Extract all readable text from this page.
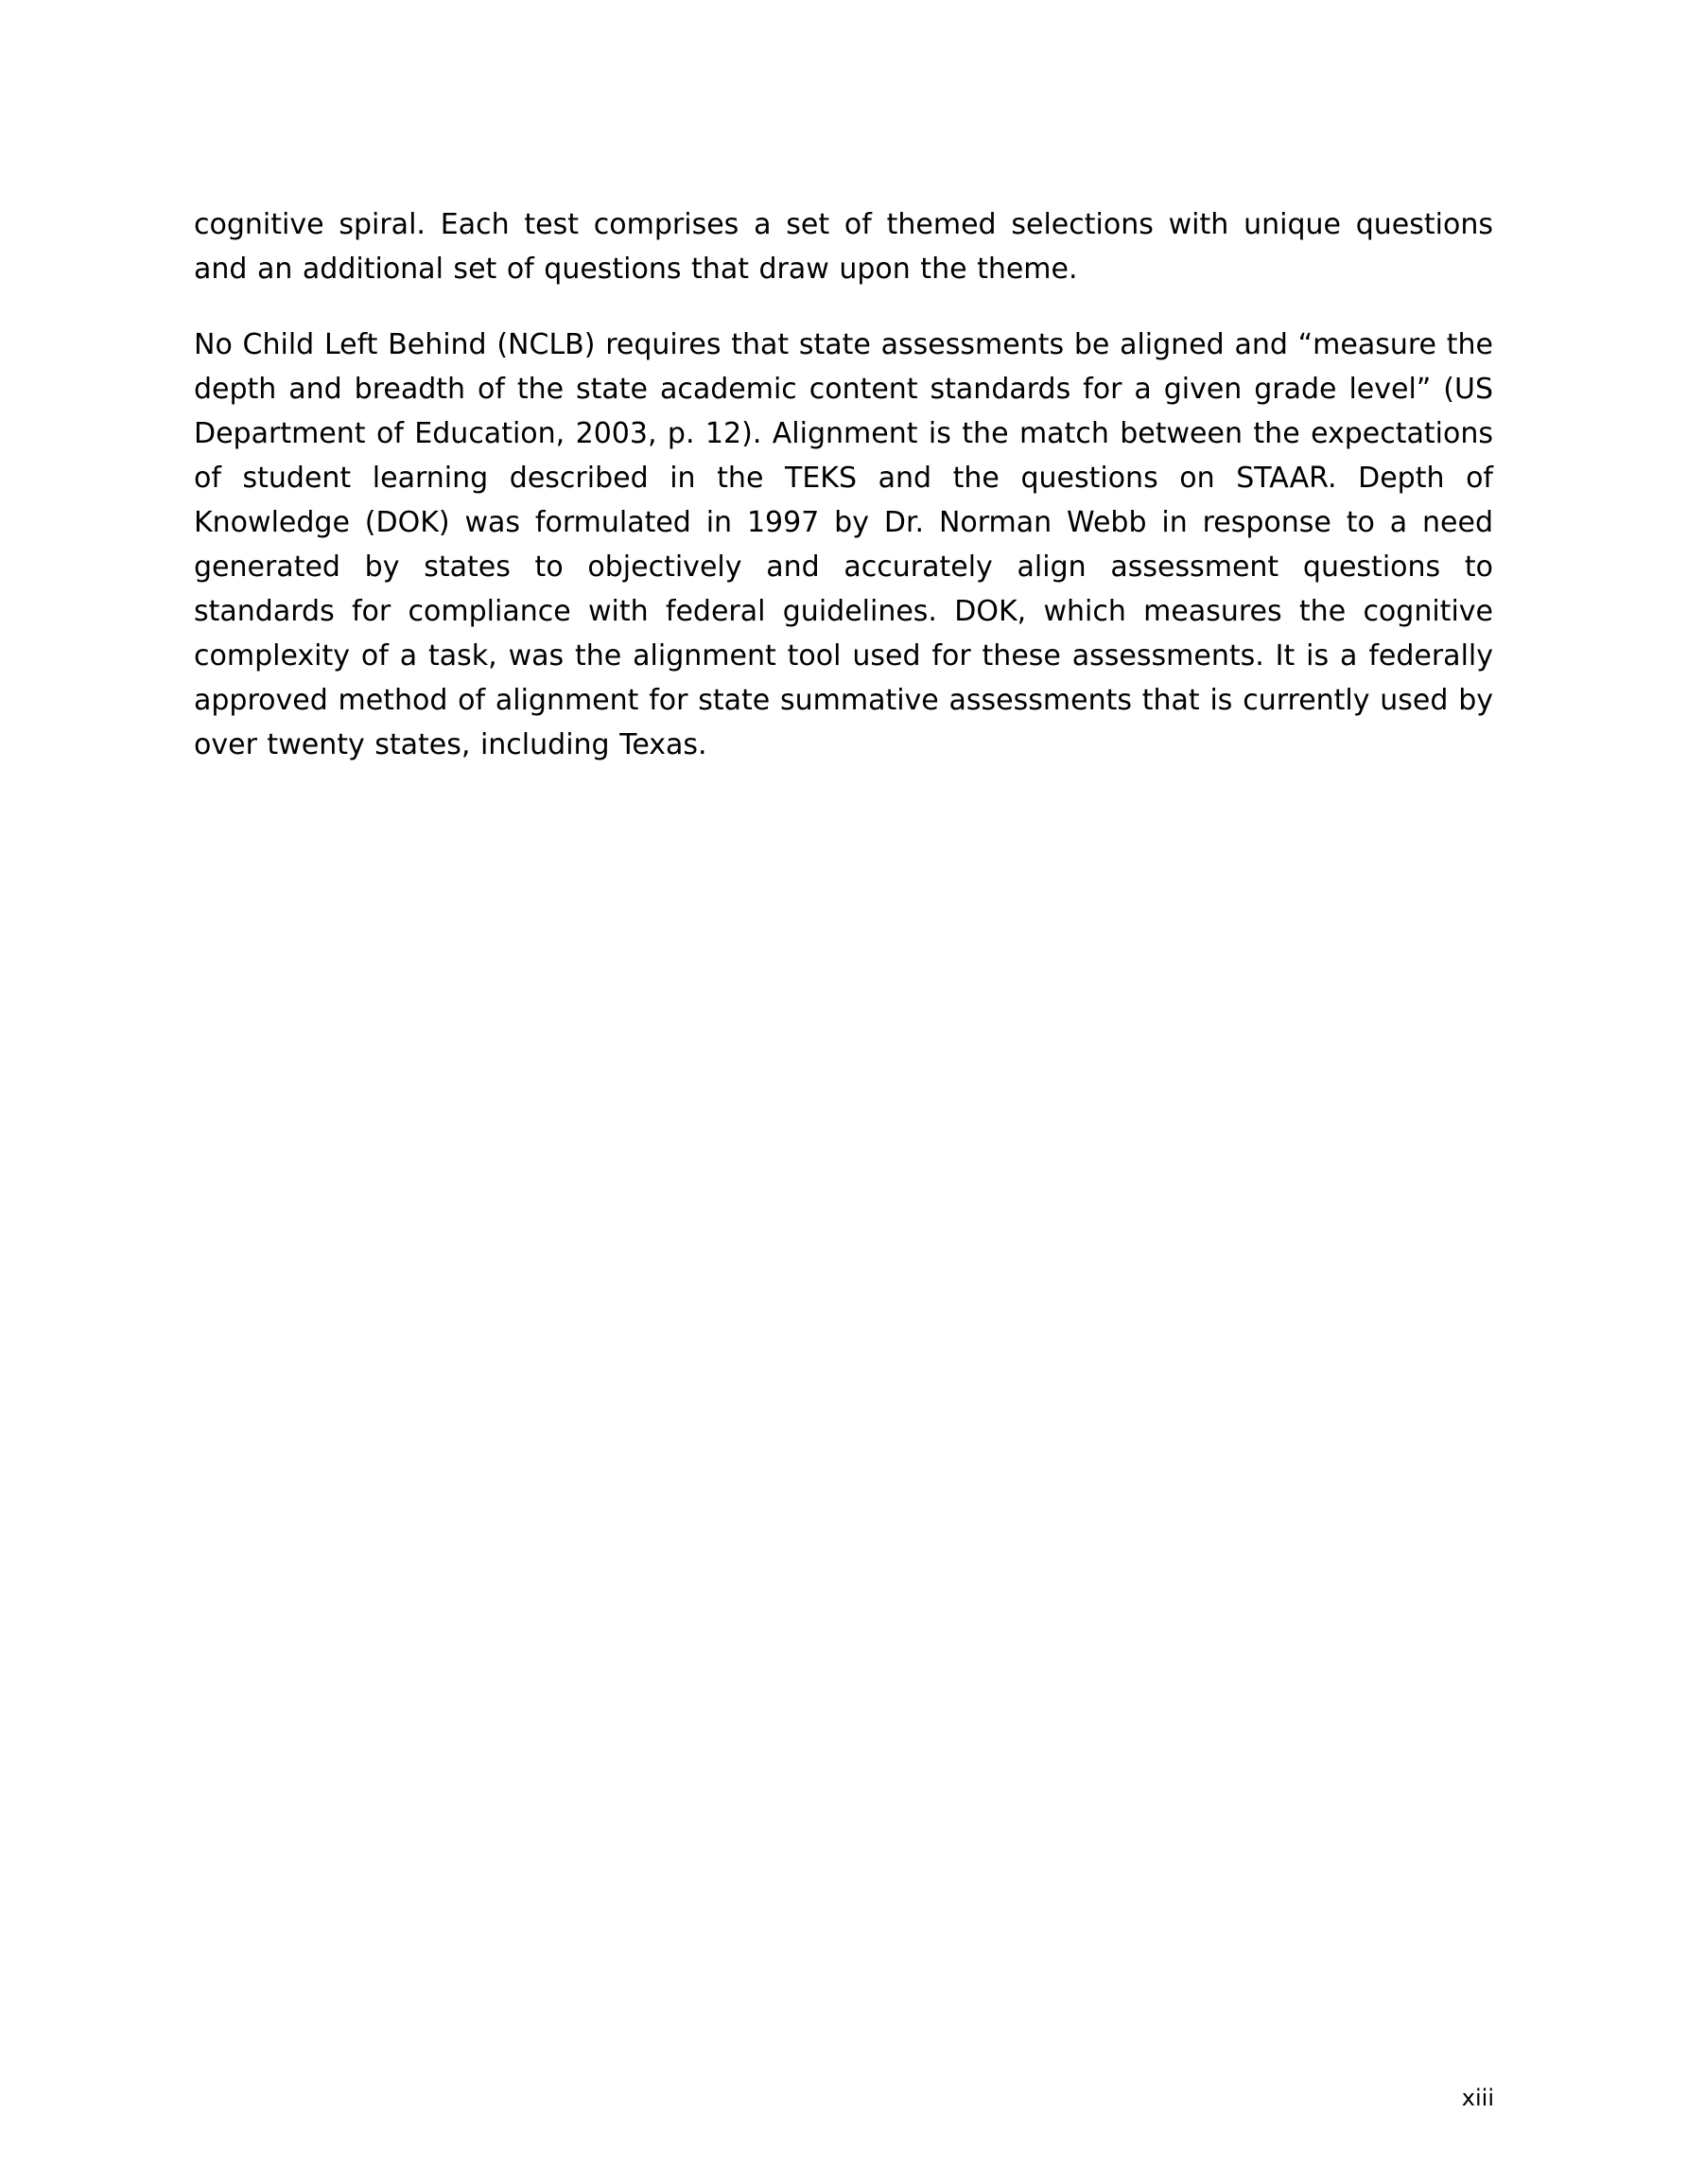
cognitive spiral. Each test comprises a set of themed selections with unique questions and an additional set of questions that draw upon the theme.

No Child Left Behind (NCLB) requires that state assessments be aligned and “measure the depth and breadth of the state academic content standards for a given grade level” (US Department of Education, 2003, p. 12). Alignment is the match between the expectations of student learning described in the TEKS and the questions on STAAR. Depth of Knowledge (DOK) was formulated in 1997 by Dr. Norman Webb in response to a need generated by states to objectively and accurately align assessment questions to standards for compliance with federal guidelines. DOK, which measures the cognitive complexity of a task, was the alignment tool used for these assessments. It is a federally approved method of alignment for state summative assessments that is currently used by over twenty states, including Texas.

xiii
